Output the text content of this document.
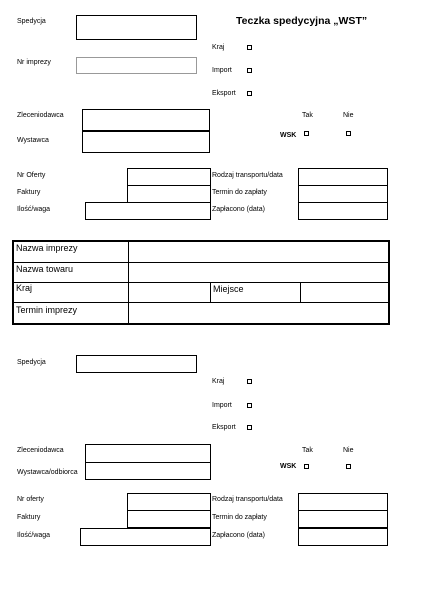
Teczka spedycyjna „WST”
Spedycja
Nr imprezy
Kraj
Import
Eksport
Zleceniodawca
Wystawca
Tak	Nie
WSK
Nr Oferty
Faktury
Ilość/waga
Rodzaj transportu/data
Termin do zapłaty
Zapłacono (data)
Nazwa imprezy
Nazwa towaru
Kraj	Miejsce
Termin imprezy
Spedycja
Kraj
Import
Eksport
Zleceniodawca
Wystawca/odbiorca
Tak	Nie
WSK
Nr oferty
Faktury
Ilość/waga
Rodzaj transportu/data
Termin do zapłaty
Zapłacono (data)
